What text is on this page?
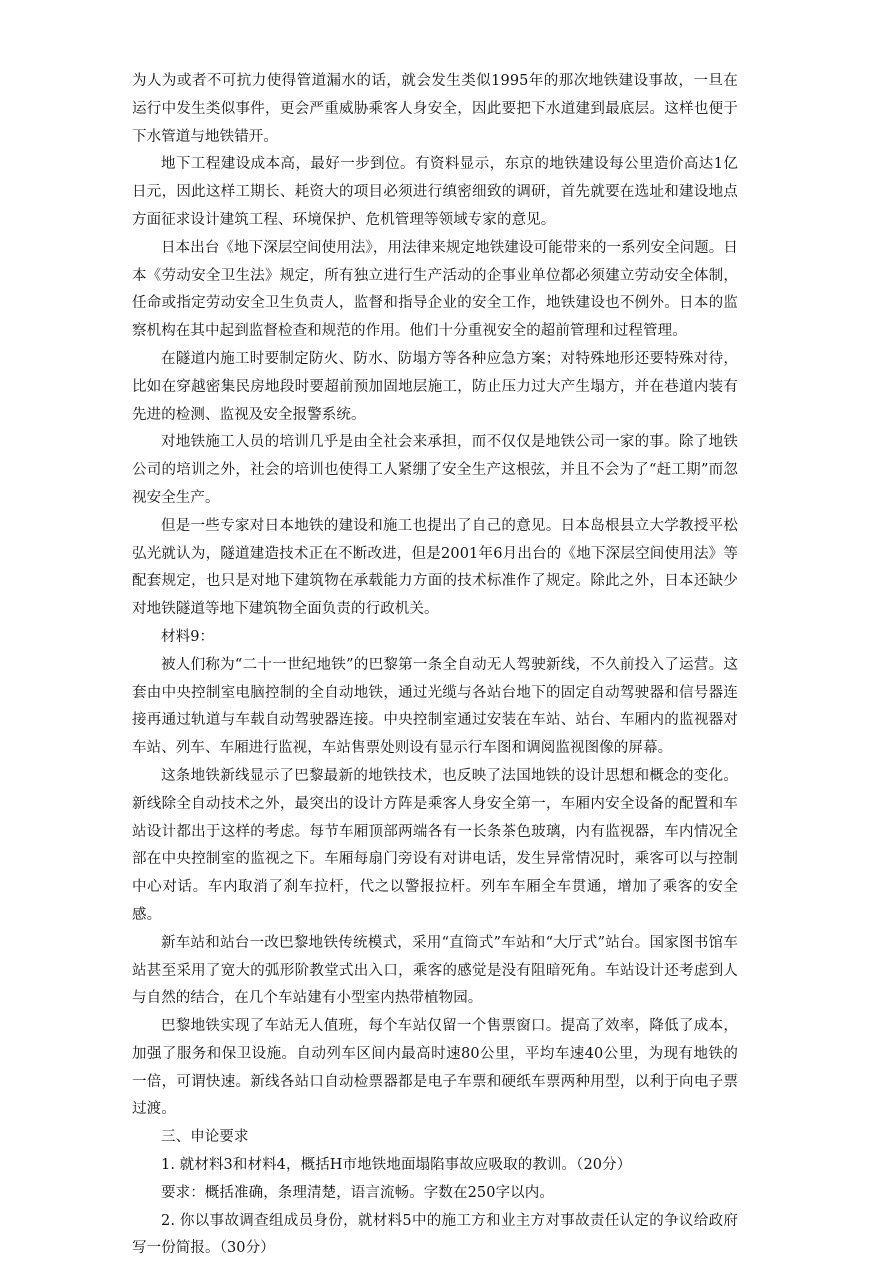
为人为或者不可抗力使得管道漏水的话，就会发生类似1995年的那次地铁建设事故，一旦在运行中发生类似事件，更会严重威胁乘客人身安全，因此要把下水道建到最底层。这样也便于下水管道与地铁错开。

地下工程建设成本高，最好一步到位。有资料显示，东京的地铁建设每公里造价高达1亿日元，因此这样工期长、耗资大的项目必须进行缜密细致的调研，首先就要在选址和建设地点方面征求设计建筑工程、环境保护、危机管理等领域专家的意见。

日本出台《地下深层空间使用法》，用法律来规定地铁建设可能带来的一系列安全问题。日本《劳动安全卫生法》规定，所有独立进行生产活动的企事业单位都必须建立劳动安全体制，任命或指定劳动安全卫生负责人，监督和指导企业的安全工作，地铁建设也不例外。日本的监察机构在其中起到监督检查和规范的作用。他们十分重视安全的超前管理和过程管理。

在隧道内施工时要制定防火、防水、防塌方等各种应急方案；对特殊地形还要特殊对待，比如在穿越密集民房地段时要超前预加固地层施工，防止压力过大产生塌方，并在巷道内装有先进的检测、监视及安全报警系统。

对地铁施工人员的培训几乎是由全社会来承担，而不仅仅是地铁公司一家的事。除了地铁公司的培训之外，社会的培训也使得工人紧绷了安全生产这根弦，并且不会为了“赶工期”而忽视安全生产。

但是一些专家对日本地铁的建设和施工也提出了自己的意见。日本岛根县立大学教授平松弘光就认为，隧道建造技术正在不断改进，但是2001年6月出台的《地下深层空间使用法》等配套规定，也只是对地下建筑物在承载能力方面的技术标准作了规定。除此之外，日本还缺少对地铁隧道等地下建筑物全面负责的行政机关。

材料9：

被人们称为“二十一世纪地铁”的巴黎第一条全自动无人驾驶新线，不久前投入了运营。这套由中央控制室电脑控制的全自动地铁，通过光缆与各站台地下的固定自动驾驶器和信号器连接再通过轨道与车载自动驾驶器连接。中央控制室通过安装在车站、站台、车厢内的监视器对车站、列车、车厢进行监视，车站售票处则设有显示行车图和调阅监视图像的屏幕。

这条地铁新线显示了巴黎最新的地铁技术，也反映了法国地铁的设计思想和概念的变化。新线除全自动技术之外，最突出的设计方阵是乘客人身安全第一，车厢内安全设备的配置和车站设计都出于这样的考虑。每节车厢顶部两端各有一长条茶色玻璃，内有监视器，车内情况全部在中央控制室的监视之下。车厢每扇门旁设有对讲电话，发生异常情况时，乘客可以与控制中心对话。车内取消了刹车拉杆，代之以警报拉杆。列车车厢全车贯通，增加了乘客的安全感。

新车站和站台一改巴黎地铁传统模式，采用“直筒式”车站和“大厅式”站台。国家图书馆车站甚至采用了宽大的弧形阶教堂式出入口，乘客的感觉是没有阻暗死角。车站设计还考虑到人与自然的结合，在几个车站建有小型室内热带植物园。

巴黎地铁实现了车站无人值班，每个车站仅留一个售票窗口。提高了效率，降低了成本，加强了服务和保卫设施。自动列车区间内最高时速80公里，平均车速40公里，为现有地铁的一倍，可谓快速。新线各站口自动检票器都是电子车票和硬纸车票两种用型，以利于向电子票过渡。

三、申论要求

1. 就材料3和材料4，概括H市地铁地面塌陷事故应吸取的教训。（20分）

要求：概括准确，条理清楚，语言流畅。字数在250字以内。

2. 你以事故调查组成员身份，就材料5中的施工方和业主方对事故责任认定的争议给政府写一份简报。（30分）
